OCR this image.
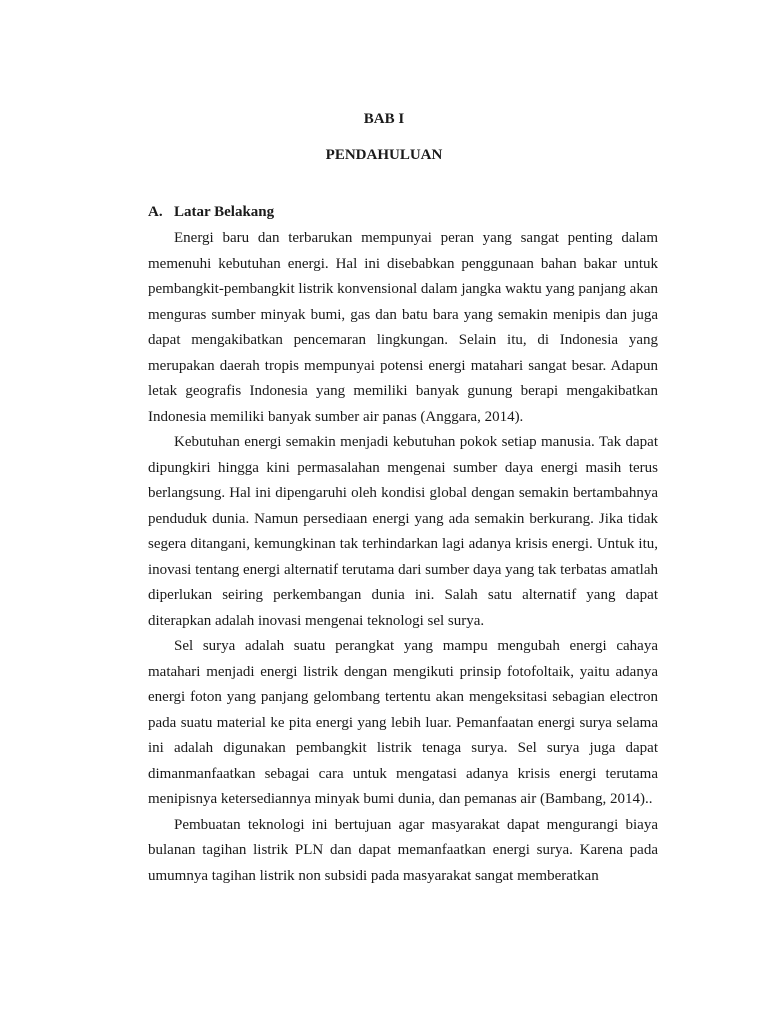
BAB I
PENDAHULUAN
A. Latar Belakang

Energi baru dan terbarukan mempunyai peran yang sangat penting dalam memenuhi kebutuhan energi. Hal ini disebabkan penggunaan bahan bakar untuk pembangkit-pembangkit listrik konvensional dalam jangka waktu yang panjang akan menguras sumber minyak bumi, gas dan batu bara yang semakin menipis dan juga dapat mengakibatkan pencemaran lingkungan. Selain itu, di Indonesia yang merupakan daerah tropis mempunyai potensi energi matahari sangat besar. Adapun letak geografis Indonesia yang memiliki banyak gunung berapi mengakibatkan Indonesia memiliki banyak sumber air panas (Anggara, 2014).

Kebutuhan energi semakin menjadi kebutuhan pokok setiap manusia. Tak dapat dipungkiri hingga kini permasalahan mengenai sumber daya energi masih terus berlangsung. Hal ini dipengaruhi oleh kondisi global dengan semakin bertambahnya penduduk dunia. Namun persediaan energi yang ada semakin berkurang. Jika tidak segera ditangani, kemungkinan tak terhindarkan lagi adanya krisis energi. Untuk itu, inovasi tentang energi alternatif terutama dari sumber daya yang tak terbatas amatlah diperlukan seiring perkembangan dunia ini. Salah satu alternatif yang dapat diterapkan adalah inovasi mengenai teknologi sel surya.

Sel surya adalah suatu perangkat yang mampu mengubah energi cahaya matahari menjadi energi listrik dengan mengikuti prinsip fotofoltaik, yaitu adanya energi foton yang panjang gelombang tertentu akan mengeksitasi sebagian electron pada suatu material ke pita energi yang lebih luar. Pemanfaatan energi surya selama ini adalah digunakan pembangkit listrik tenaga surya. Sel surya juga dapat dimanmanfaatkan sebagai cara untuk mengatasi adanya krisis energi terutama menipisnya ketersediannya minyak bumi dunia, dan pemanas air (Bambang, 2014)..

Pembuatan teknologi ini bertujuan agar masyarakat dapat mengurangi biaya bulanan tagihan listrik PLN dan dapat memanfaatkan energi surya. Karena pada umumnya tagihan listrik non subsidi pada masyarakat sangat memberatkan
